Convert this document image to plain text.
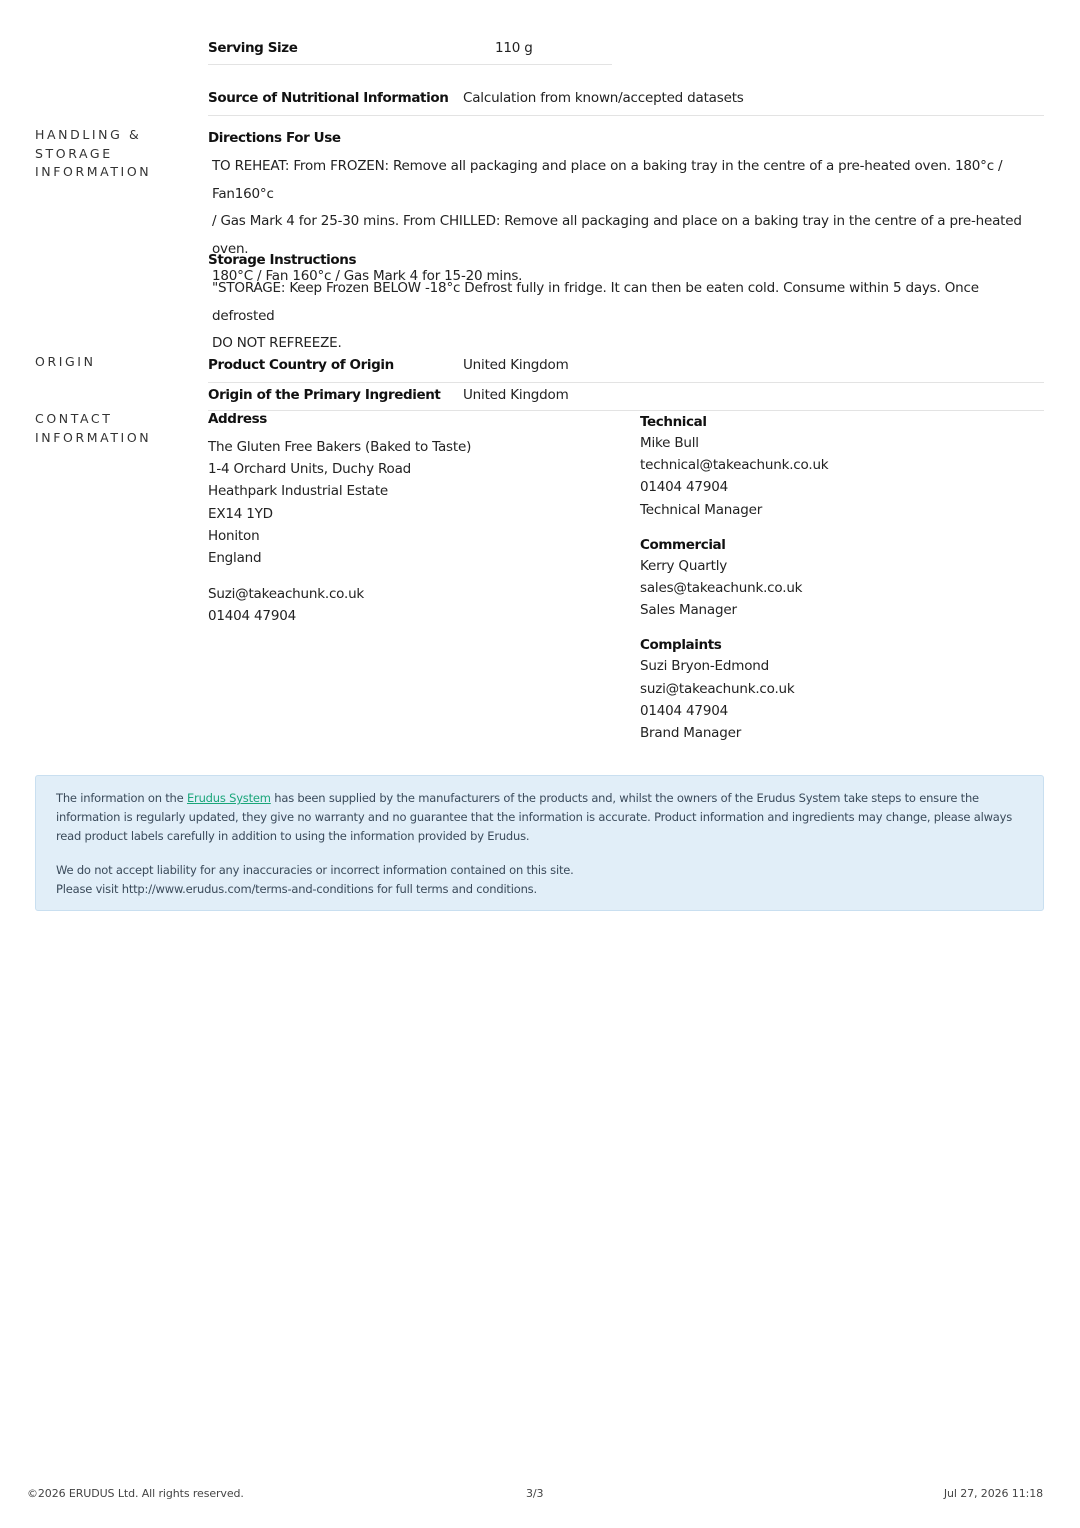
Serving Size	110 g
Source of Nutritional Information	Calculation from known/accepted datasets
HANDLING &
STORAGE
INFORMATION
Directions For Use
TO REHEAT: From FROZEN: Remove all packaging and place on a baking tray in the centre of a pre-heated oven. 180°c / Fan160°c
/ Gas Mark 4 for 25-30 mins. From CHILLED: Remove all packaging and place on a baking tray in the centre of a pre-heated oven.
180°C / Fan 160°c / Gas Mark 4 for 15-20 mins.
Storage Instructions
"STORAGE: Keep Frozen BELOW -18°c Defrost fully in fridge. It can then be eaten cold. Consume within 5 days. Once defrosted
DO NOT REFREEZE.
ORIGIN	Product Country of Origin	United Kingdom
Origin of the Primary Ingredient	United Kingdom
CONTACT
INFORMATION
Address
The Gluten Free Bakers (Baked to Taste)
1-4 Orchard Units, Duchy Road
Heathpark Industrial Estate
EX14 1YD
Honiton
England
Suzi@takeachunk.co.uk
01404 47904
Technical
Mike Bull
technical@takeachunk.co.uk
01404 47904
Technical Manager
Commercial
Kerry Quartly
sales@takeachunk.co.uk
Sales Manager
Complaints
Suzi Bryon-Edmond
suzi@takeachunk.co.uk
01404 47904
Brand Manager

The information on the Erudus System has been supplied by the manufacturers of the products and, whilst the owners of the Erudus System take steps to ensure the information is regularly updated, they give no warranty and no guarantee that the information is accurate. Product information and ingredients may change, please always read product labels carefully in addition to using the information provided by Erudus.

We do not accept liability for any inaccuracies or incorrect information contained on this site.
Please visit http://www.erudus.com/terms-and-conditions for full terms and conditions.

©2026 ERUDUS Ltd. All rights reserved.	3/3	Jul 27, 2026 11:18
